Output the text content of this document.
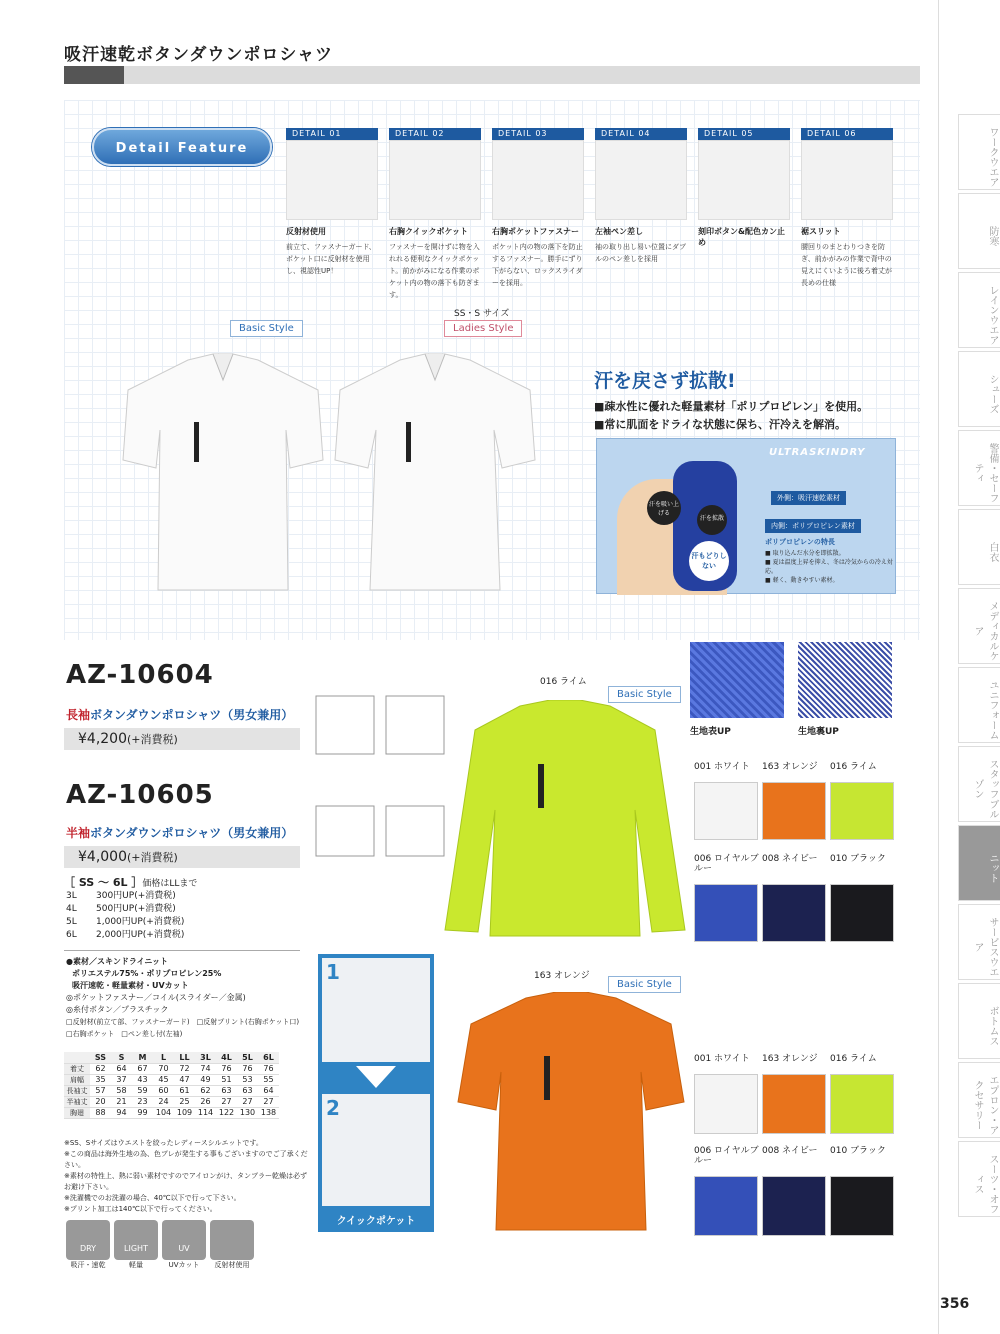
吸汗速乾ボタンダウンポロシャツ
Detail Feature
Basic Style
SS・S サイズ
Ladies Style
汗を戻さず拡散!
■疎水性に優れた軽量素材「ポリプロピレン」を使用。
■常に肌面をドライな状態に保ち、汗冷えを解消。
ULTRASKINDRY
汗を吸い上げる
汗を拡散
汗もどりしない
外側：吸汗速乾素材
内側：ポリプロピレン素材
ポリプロピレンの特長
■ 取り込んだ水分を即拡散。
■ 夏は温度上昇を抑え、冬は冷気からの冷え対応。
■ 軽く、動きやすい素材。
AZ-10604
長袖ボタンダウンポロシャツ（男女兼用）
¥4,200(+消費税)
AZ-10605
半袖ボタンダウンポロシャツ（男女兼用）
¥4,000(+消費税)
［ SS ～ 6L ］価格はLLまで
3L 300円UP(+消費税)
4L 500円UP(+消費税)
5L 1,000円UP(+消費税)
6L 2,000円UP(+消費税)
●素材／スキンドライニット
ポリエステル75%・ポリプロピレン25%
吸汗速乾・軽量素材・UVカット
◎ポケットファスナー／コイル(スライダー／金属)
◎糸付ボタン／プラスチック
□反射材(前立て部、ファスナーガード)　□反射プリント(右胸ポケット口)
□右胸ポケット　□ペン差し付(左袖)
	SS	S	M	L	LL	3L	4L	5L	6L
着丈	62	64	67	70	72	74	76	76	76
肩幅	35	37	43	45	47	49	51	53	55
長袖丈	57	58	59	60	61	62	63	63	64
半袖丈	20	21	23	24	25	26	27	27	27
胸廻	88	94	99	104	109	114	122	130	138
※SS、Sサイズはウエストを絞ったレディースシルエットです。
※この商品は海外生地の為、色ブレが発生する事もございますのでご了承ください。
※素材の特性上、熱に弱い素材ですのでアイロンがけ、タンブラー乾燥は必ずお避け下さい。
※洗濯機でのお洗濯の場合、40℃以下で行って下さい。
※プリント加工は140℃以下で行ってください。
DRY
吸汗・速乾
LIGHT
軽量
UV
UVカット	反射材使用
1
2
クイックポケット
016 ライム
Basic Style
163 オレンジ
Basic Style
生地表UP	生地裏UP
356
DETAIL 01
反射材使用
前立て、ファスナーガード、ポケット口に反射材を使用し、視認性UP！
DETAIL 02
右胸クイックポケット
ファスナーを開けずに物を入れれる便利なクイックポケット。前かがみになる作業のポケット内の物の落下も防ぎます。
DETAIL 03
右胸ポケットファスナー
ポケット内の物の落下を防止するファスナー。勝手にずり下がらない、ロックスライダーを採用。
DETAIL 04
左袖ペン差し
袖の取り出し易い位置にダブルのペン差しを採用
DETAIL 05
刻印ボタン&配色カン止め
DETAIL 06
裾スリット
腰回りのまとわりつきを防ぎ、前かがみの作業で背中の見えにくいように後ろ着丈が長めの仕様
001 ホワイト	163 オレンジ	016 ライム
006 ロイヤルブルー
008 ネイビー	010 ブラック
001 ホワイト	163 オレンジ	016 ライム
006 ロイヤルブルー
008 ネイビー	010 ブラック
ワークウエア
防寒
レインウエア
シューズ
警備・セーフティ
白衣
メディカルケア
ユニフォーム
スタッフブルゾン
ニット
サービスウエア
ボトムス
エプロン・アクセサリー
スーツ・オフィス
